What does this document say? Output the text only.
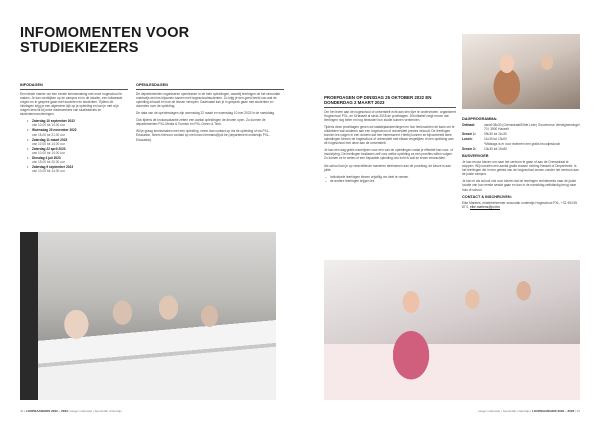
INFOMOMENTEN VOOR STUDIEKIEZERS
INFODAGEN

Een ideale manier om een eerste kennismaking met onze hogeschool te maken. Je kan rondkijken op de campus en in de lokalen, een infosessie volgen en in gesprek gaan met docenten en studenten. Tijdens de infodagen krijg je een algemene kijk op je opleiding en kan je met al je vragen terecht bij onze medewerkers van studieadvies en studentenvoorzieningen.

• Zaterdag 10 september 2022
van 10.00 tot 14.00 uur
• Woensdag 23 november 2022
van 18.00 tot 21.00 uur
• Zaterdag 11 maart 2023
van 10.00 tot 14.00 uur
• Zaterdag 22 april 2023
van 10.00 tot 14.00 uur
• Dinsdag 4 juli 2023
van 15.00 tot 20.00 uur
• Zaterdag 9 september 2023
van 10.00 tot 14.00 uur
OPENLESDAGEN

De departementen organiseren openlessen in de hele opleidingen, waarbij leerlingen uit het secundair onderwijs een les bijwonen samen met hogeschoolstudenten. Zo krijg je een goed beeld van wat de opleiding inhoudt en hoe de lessen verlopen. Daarnaast kan je in gesprek gaan met studenten en docenten over de opleiding.

De data van de openlesdagen zijn woensdag 22 maart en woensdag 10 mei 2023 in de namiddag.

Ook tijdens de krokusvakantie zetten een aantal opleidingen de deuren open. Zo kunnen de departementen PXL-Media & Tourism en PXL-Green & Tech.

Wil je graag kennismaken met een opleiding, neem dan contact op via de opleiding of via PXL-Education. Neem hiervoor contact op met marc.hermans@pxl.be (departement onderwijs PXL-Education).

44 | LOOPBAANGIDS 2022 – 2023 | Hoger onderwijs • Secundair onderwijs
PROEFDAGEN OP DINSDAG 25 OKTOBER 2022 EN DONDERDAG 2 MAART 2023

Om het leven aan de hogeschool of universiteit echt aan den lijve te ondervinden, organiseert Hogeschool PXL, en UHasselt al sinds 2018 de proefdagen. Dit initiatief zorgt ervoor dat leerlingen nog beter en nog bewuster hun studie kunnen verkennen.

Tijdens deze proefdagen geven we laatstejaarsleerlingen en hun leerkrachten de kans om te ontdekken wat studeren aan een hogeschool of universiteit precies inhoudt. De leerlingen kunnen les volgen in een domein dat hen interesseert. Hierbij kunnen ze bijvoorbeeld twee opleidingen binnen de hogeschool of universiteit met elkaar vergelijken of een opleiding aan de hogeschool met deze aan de universiteit.

Je kan een dag gratis inschrijven voor een van de opleidingen zodat je effectief kan voor- of inschrijving. De leerlingen beslissen zelf voor welke opleiding ze een proefles willen volgen. Zo komen ze te weten of een bepaalde opleiding ook echt is wat ze ervan verwachten.

Als school kan je op verschillende manieren deelnemen aan de proefdag, de keuze is aan jullie:

– Individuele leerlingen kiezen vrijwillig om deel te nemen
– de andere leerlingen krijgen les
DAGPROGRAMMA:
Onthaal:	vanaf 08u30 (Grensstraat/Elfde Linie) Gouverneur Verwilghensingel 70 I 3500 Hasselt
Sessie 1:	09u30 tot 11u30
Lunch:	11u30 tot 13u00
*Middags is er voor iedereen een gratis broodjeslunch
Sessie 2:	13u30 tot 15u30
BUSVERVOER

Je kan ervoor kiezen om naar het centrum te gaan of aan de Grensstraat te stoppen. Wij voorzien een aantal gratis bussen richting Hasselt of Diepenbeek. Is het leerlingen die in een gebied van de hogeschool wonen zonder het centrum aan de juiste campus.

Je kan er als school ook voor kiezen dat de leerlingen rechtstreeks naar de juiste locatie van hun eerste sessie gaan en dan in de namiddag zelfstandig terug naar huis of school.

CONTACT & INSCHRIJVEN:

Elke Martens, relatiebeheerder secundair onderwijs Hogeschool PXL, +32 494 55 87 0, elke.martens@pxl.be

Hoger onderwijs • Secundair onderwijs | LOOPBAANGIDS 2022 – 2023 | 45
